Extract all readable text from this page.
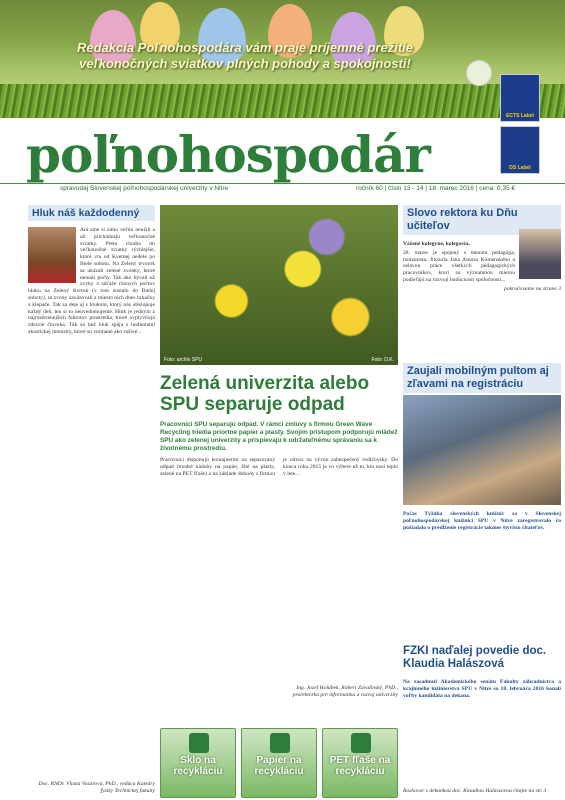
Redakcia Poľnohospodára vám praje príjemné prežitie veľkonočných sviatkov plných pohody a spokojnosti!
ECTS Label
DS Label
poľnohospodár
spravodaj Slovenskej poľnohospodárskej univerzity v Nitre	ročník 60 | číslo 13 - 14 | 18. marec 2016 | cena: 0,35 €
Hluk náš každodenný
Ani sme si zimu veľmi neužili a už prichádzajú veľkonočné sviatky. Preto chodia im veľkonočné sviatky rýchlejšie, ktoré vra od Kvetnej nedele po Biele sobotu. Na Zelený trvorok sa ukázali zelené zvonky, ktoré nemali počty. Tak ako bývali už zvyky a súťaže rôznych počtov hluku na Zelený štvrtok (v tom zostalo do Bielej soboty), sa zvony zaväzovali a miesto nich dnes hrkačky a klepáče. Tak sa deje aj s hlukom, ktorý nás obklopuje každý deň, len si to neuvedomujeme. Hluk je jedným z najrozšírenejších faktorov prostredia, ktoré ovplyvňujú zdravie človeka. Tak sa tiež hluk spája s hodnotami akustickej intenzity, ktoré sú vnímané ako rušivé...
Doc. RNDr. Vlasta Vozárová, PhD., vedúca Katedry fyziky Technickej fakulty
Foto: archív SPU	Foto: D.K.
Zelená univerzita alebo SPU separuje odpad
Pracovníci SPU separujú odpad. V rámci zmluvy s firmou Green Wave Recycling triedia priortne papier a plasty. Svojím pristupom podporujú mládež SPU ako zelenej univerzity a prispievajú k udržateľnému správaniu sa k životnému prostrediu.
Pracovníci disponujú kontajnermi na separovaný odpad (modré nádoby na papier, žlté na plasty, zelené na PET fľaše) a na základe dohody s firmou je odvoz na vývoz zabezpečený rodičovsky. Do konca roku 2015 je vo výbere už to, kto nosí teplo v lete...
Ing. Jozef Holúbek, Róbert Závalinský, PhD., prorektorka pre informatiku a rozvoj univerzity
Sklo na recykláciu
Papier na recykláciu
PET fľaše na recykláciu
Slovo rektora ku Dňu učiteľov
Vážené kolegyne, kolegovia,
28. marec je spojený s menom pedagóga, humanistu, filozofa Jana Amosa Komenského a oslavou práce všetkých pedagogických pracovníkov, ktorí sa významnou mierou podieľajú na rozvoji budúcnosti spoločnosti...
pokračovanie na strane 3
Zaujali mobilným pultom aj zľavami na registráciu
Počas Týždňa slovenských knižníc sa v Slovenskej poľnohospodárskej knižnici SPU v Nitre zaregistrovalo čo požiadalo o predĺženie registrácie takmer štyristo čitateľov.
FZKI naďalej povedie doc. Klaudia Halászová
Na zasadnutí Akademického senátu Fakulty záhradníctva a krajinného inžinierstva SPU v Nitre sa 18. februára 2016 konali voľby kandidáta na dekana.
Rozhovor s dekankou doc. Klaudiou Halászovou čítajte na str. 3
